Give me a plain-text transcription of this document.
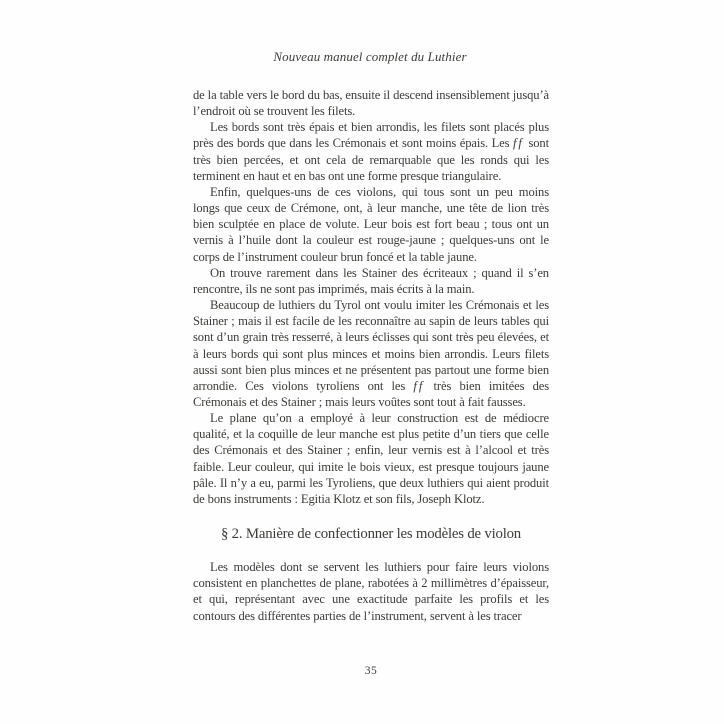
Nouveau manuel complet du Luthier

de la table vers le bord du bas, ensuite il descend insensiblement jusqu’à l’endroit où se trouvent les filets.

Les bords sont très épais et bien arrondis, les filets sont placés plus près des bords que dans les Crémonais et sont moins épais. Les ff sont très bien percées, et ont cela de remarquable que les ronds qui les terminent en haut et en bas ont une forme presque triangulaire.

Enfin, quelques-uns de ces violons, qui tous sont un peu moins longs que ceux de Crémone, ont, à leur manche, une tête de lion très bien sculptée en place de volute. Leur bois est fort beau ; tous ont un vernis à l’huile dont la couleur est rouge-jaune ; quelques-uns ont le corps de l’instrument couleur brun foncé et la table jaune.

On trouve rarement dans les Stainer des écriteaux ; quand il s’en rencontre, ils ne sont pas imprimés, mais écrits à la main.

Beaucoup de luthiers du Tyrol ont voulu imiter les Crémonais et les Stainer ; mais il est facile de les reconnaître au sapin de leurs tables qui sont d’un grain très resserré, à leurs éclisses qui sont très peu élevées, et à leurs bords qui sont plus minces et moins bien arrondis. Leurs filets aussi sont bien plus minces et ne présentent pas partout une forme bien arrondie. Ces violons tyroliens ont les ff très bien imitées des Crémonais et des Stainer ; mais leurs voûtes sont tout à fait fausses.

Le plane qu’on a employé à leur construction est de médiocre qualité, et la coquille de leur manche est plus petite d’un tiers que celle des Crémonais et des Stainer ; enfin, leur vernis est à l’alcool et très faible. Leur couleur, qui imite le bois vieux, est presque toujours jaune pâle. Il n’y a eu, parmi les Tyroliens, que deux luthiers qui aient produit de bons instruments : Egitia Klotz et son fils, Joseph Klotz.

§ 2. Manière de confectionner les modèles de violon

Les modèles dont se servent les luthiers pour faire leurs violons consistent en planchettes de plane, rabotées à 2 millimètres d’épaisseur, et qui, représentant avec une exactitude parfaite les profils et les contours des différentes parties de l’instrument, servent à les tracer

35
